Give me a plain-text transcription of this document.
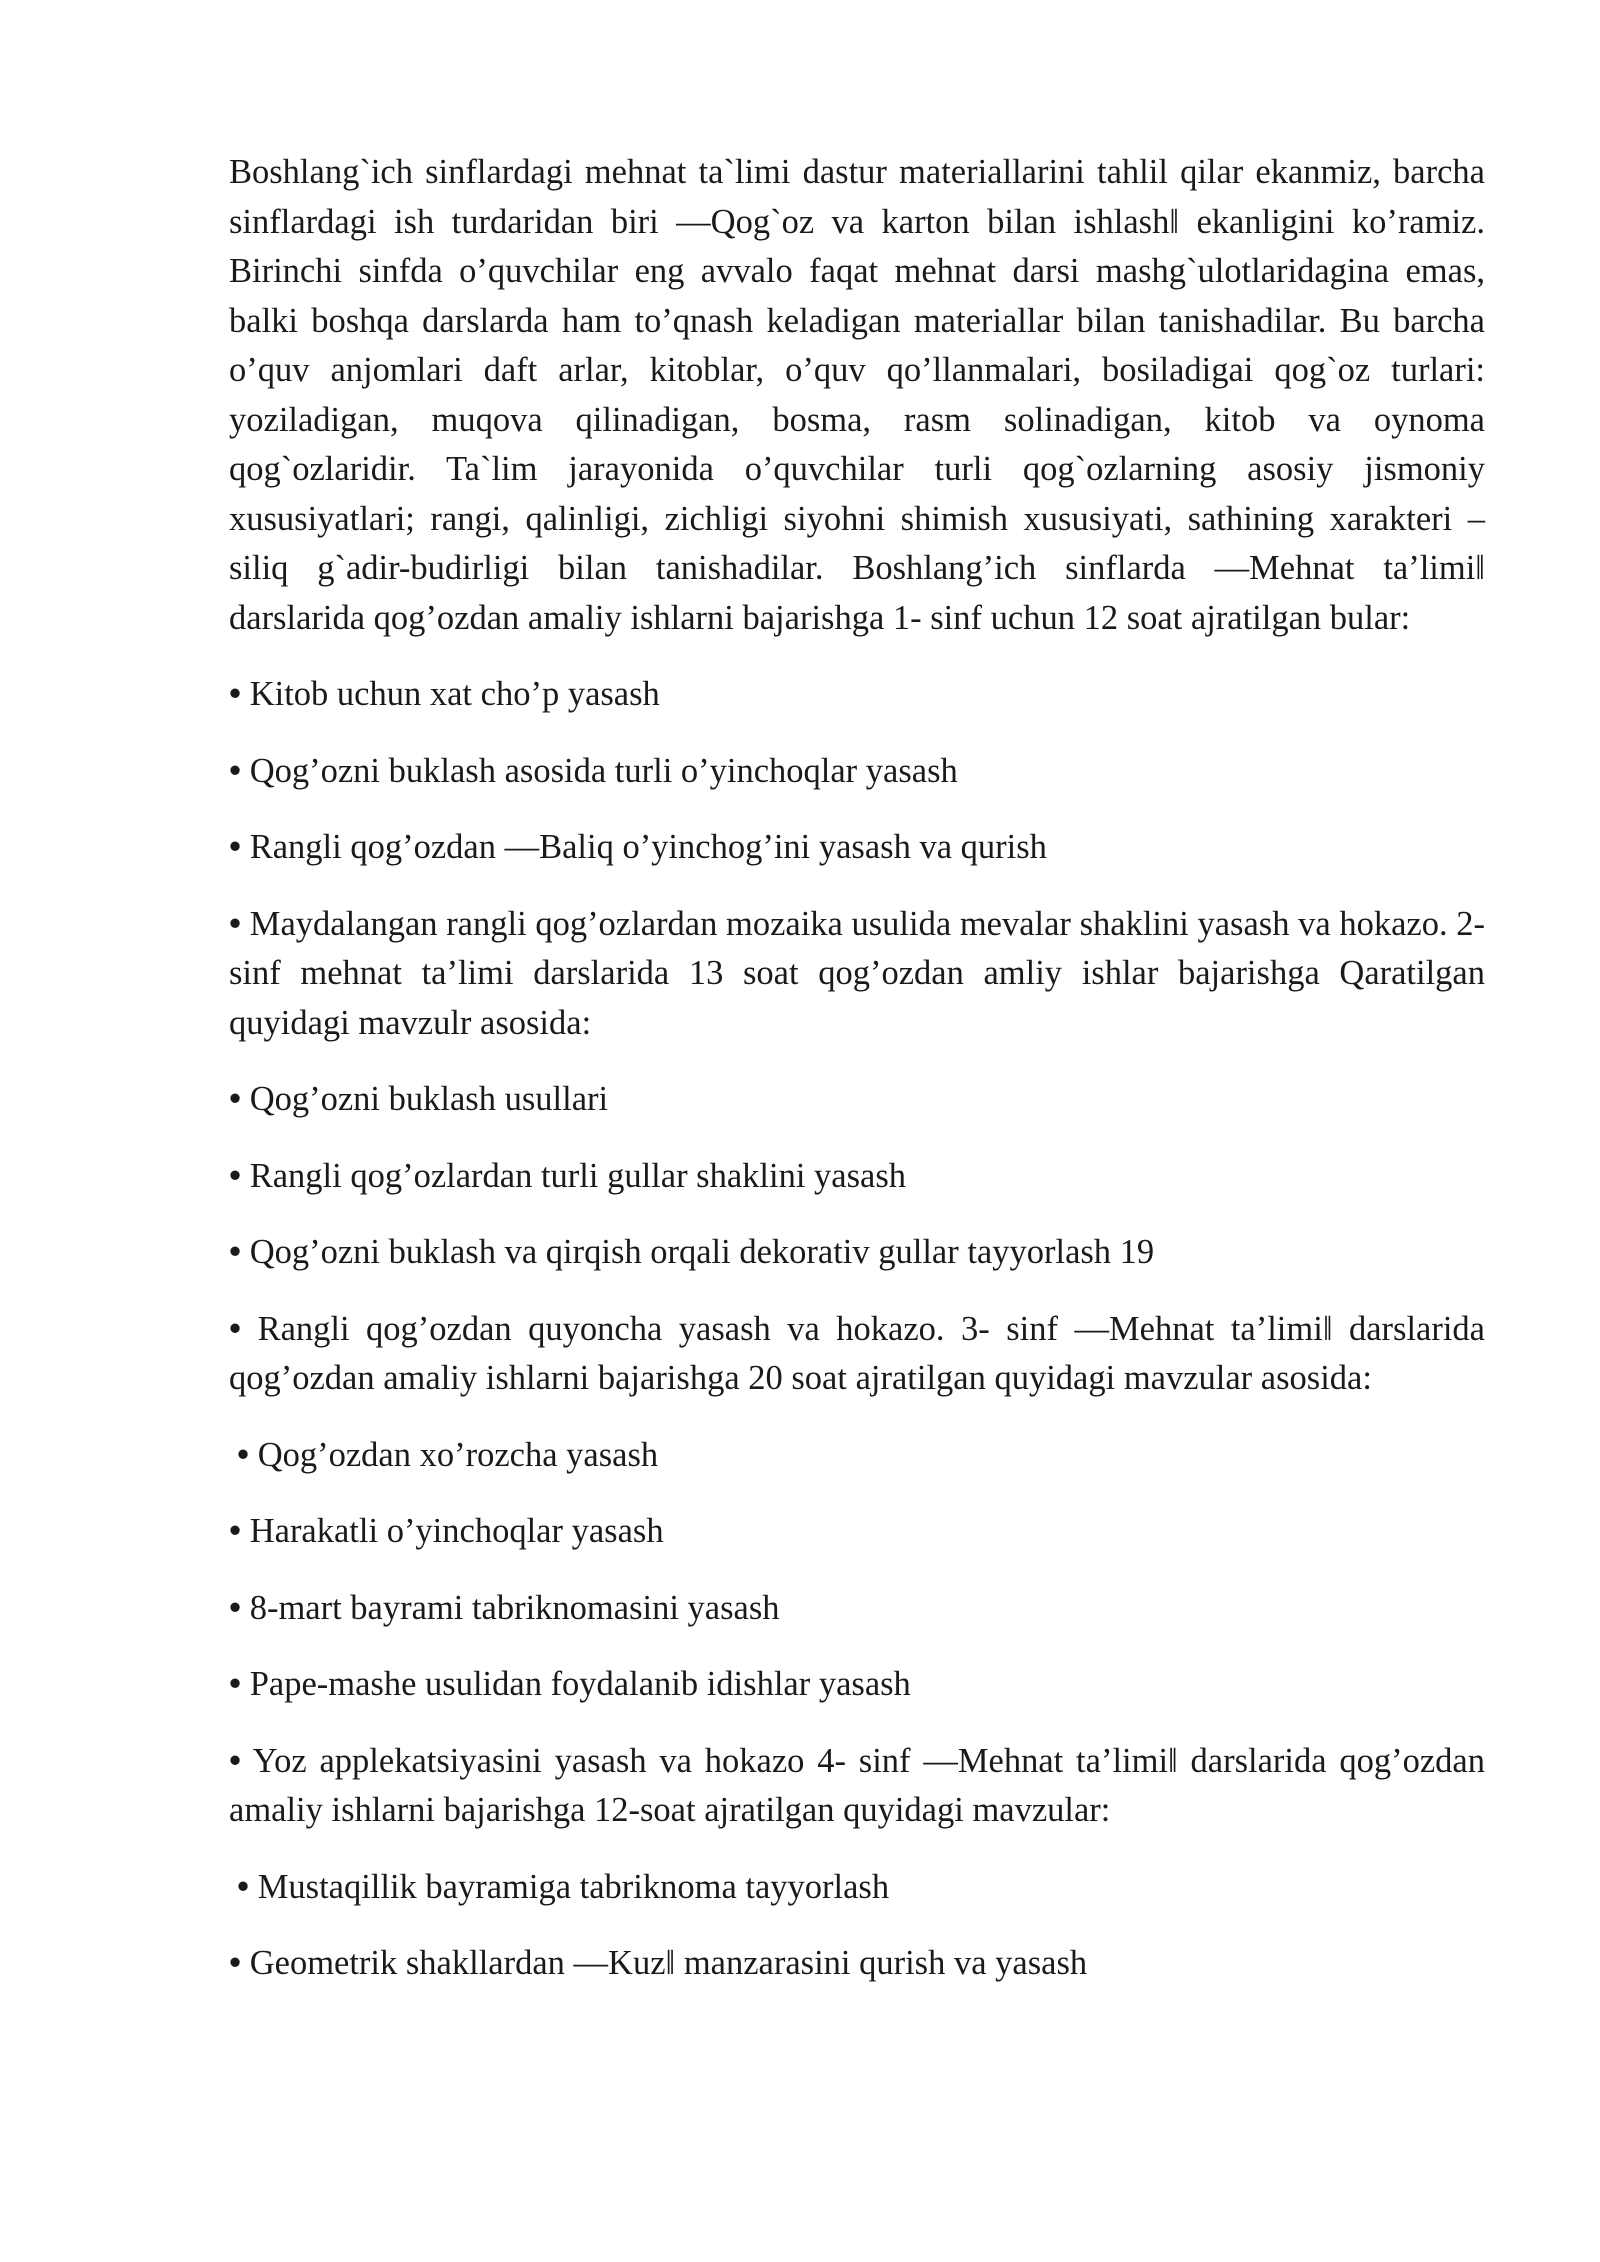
Boshlang`ich sinflardagi mehnat ta`limi dastur materiallarini tahlil qilar ekanmiz, barcha sinflardagi ish turdaridan biri ―Qog`oz va karton bilan ishlash‖ ekanligini ko’ramiz. Birinchi sinfda o’quvchilar eng avvalo faqat mehnat darsi mashg`ulotlaridagina emas, balki boshqa darslarda ham to’qnash keladigan materiallar bilan tanishadilar. Bu barcha o’quv anjomlari daft arlar, kitoblar, o’quv qo’llanmalari, bosiladigai qog`oz turlari: yoziladigan, muqova qilinadigan, bosma, rasm solinadigan, kitob va oynoma qog`ozlaridir. Ta`lim jarayonida o’quvchilar turli qog`ozlarning asosiy jismoniy xususiyatlari; rangi, qalinligi, zichligi siyohni shimish xususiyati, sathining xarakteri – siliq g`adir-budirligi bilan tanishadilar. Boshlang’ich sinflarda ―Mehnat ta’limi‖ darslarida qog’ozdan amaliy ishlarni bajarishga 1- sinf uchun 12 soat ajratilgan bular:

• Kitob uchun xat cho’p yasash

• Qog’ozni buklash asosida turli o’yinchoqlar yasash

• Rangli qog’ozdan ―Baliq o’yinchog’ini yasash va qurish

• Maydalangan rangli qog’ozlardan mozaika usulida mevalar shaklini yasash va hokazo. 2- sinf mehnat ta’limi darslarida 13 soat qog’ozdan amliy ishlar bajarishga Qaratilgan quyidagi mavzulr asosida:

• Qog’ozni buklash usullari

• Rangli qog’ozlardan turli gullar shaklini yasash

• Qog’ozni buklash va qirqish orqali dekorativ gullar tayyorlash 19

• Rangli qog’ozdan quyoncha yasash va hokazo. 3- sinf ―Mehnat ta’limi‖ darslarida qog’ozdan amaliy ishlarni bajarishga 20 soat ajratilgan quyidagi mavzular asosida:

• Qog’ozdan xo’rozcha yasash

• Harakatli o’yinchoqlar yasash

• 8-mart bayrami tabriknomasini yasash

• Pape-mashe usulidan foydalanib idishlar yasash

• Yoz applekatsiyasini yasash va hokazo 4- sinf ―Mehnat ta’limi‖ darslarida qog’ozdan amaliy ishlarni bajarishga 12-soat ajratilgan quyidagi mavzular:

• Mustaqillik bayramiga tabriknoma tayyorlash

• Geometrik shakllardan ―Kuz‖ manzarasini qurish va yasash
